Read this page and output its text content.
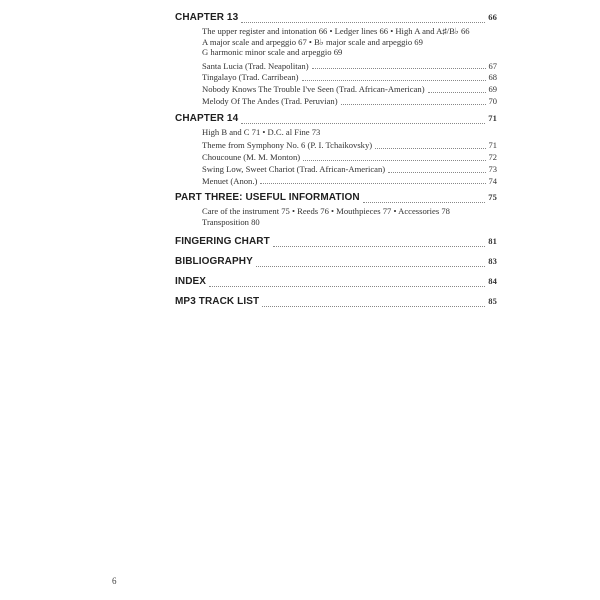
CHAPTER 13	66
The upper register and intonation 66 • Ledger lines 66 • High A and A♯/B♭ 66
A major scale and arpeggio 67 • B♭ major scale and arpeggio 69
G harmonic minor scale and arpeggio 69
Santa Lucia (Trad. Neapolitan)	67
Tingalayo (Trad. Carribean)	68
Nobody Knows The Trouble I've Seen (Trad. African-American)	69
Melody Of The Andes (Trad. Peruvian)	70
CHAPTER 14	71
High B and C 71 • D.C. al Fine 73
Theme from Symphony No. 6 (P. I. Tchaikovsky)	71
Choucoune (M. M. Monton)	72
Swing Low, Sweet Chariot (Trad. African-American)	73
Menuet (Anon.)	74
PART THREE: USEFUL INFORMATION	75
Care of the instrument 75 • Reeds 76 • Mouthpieces 77 • Accessories 78
Transposition 80
FINGERING CHART	81
BIBLIOGRAPHY	83
INDEX	84
MP3 TRACK LIST	85
6
